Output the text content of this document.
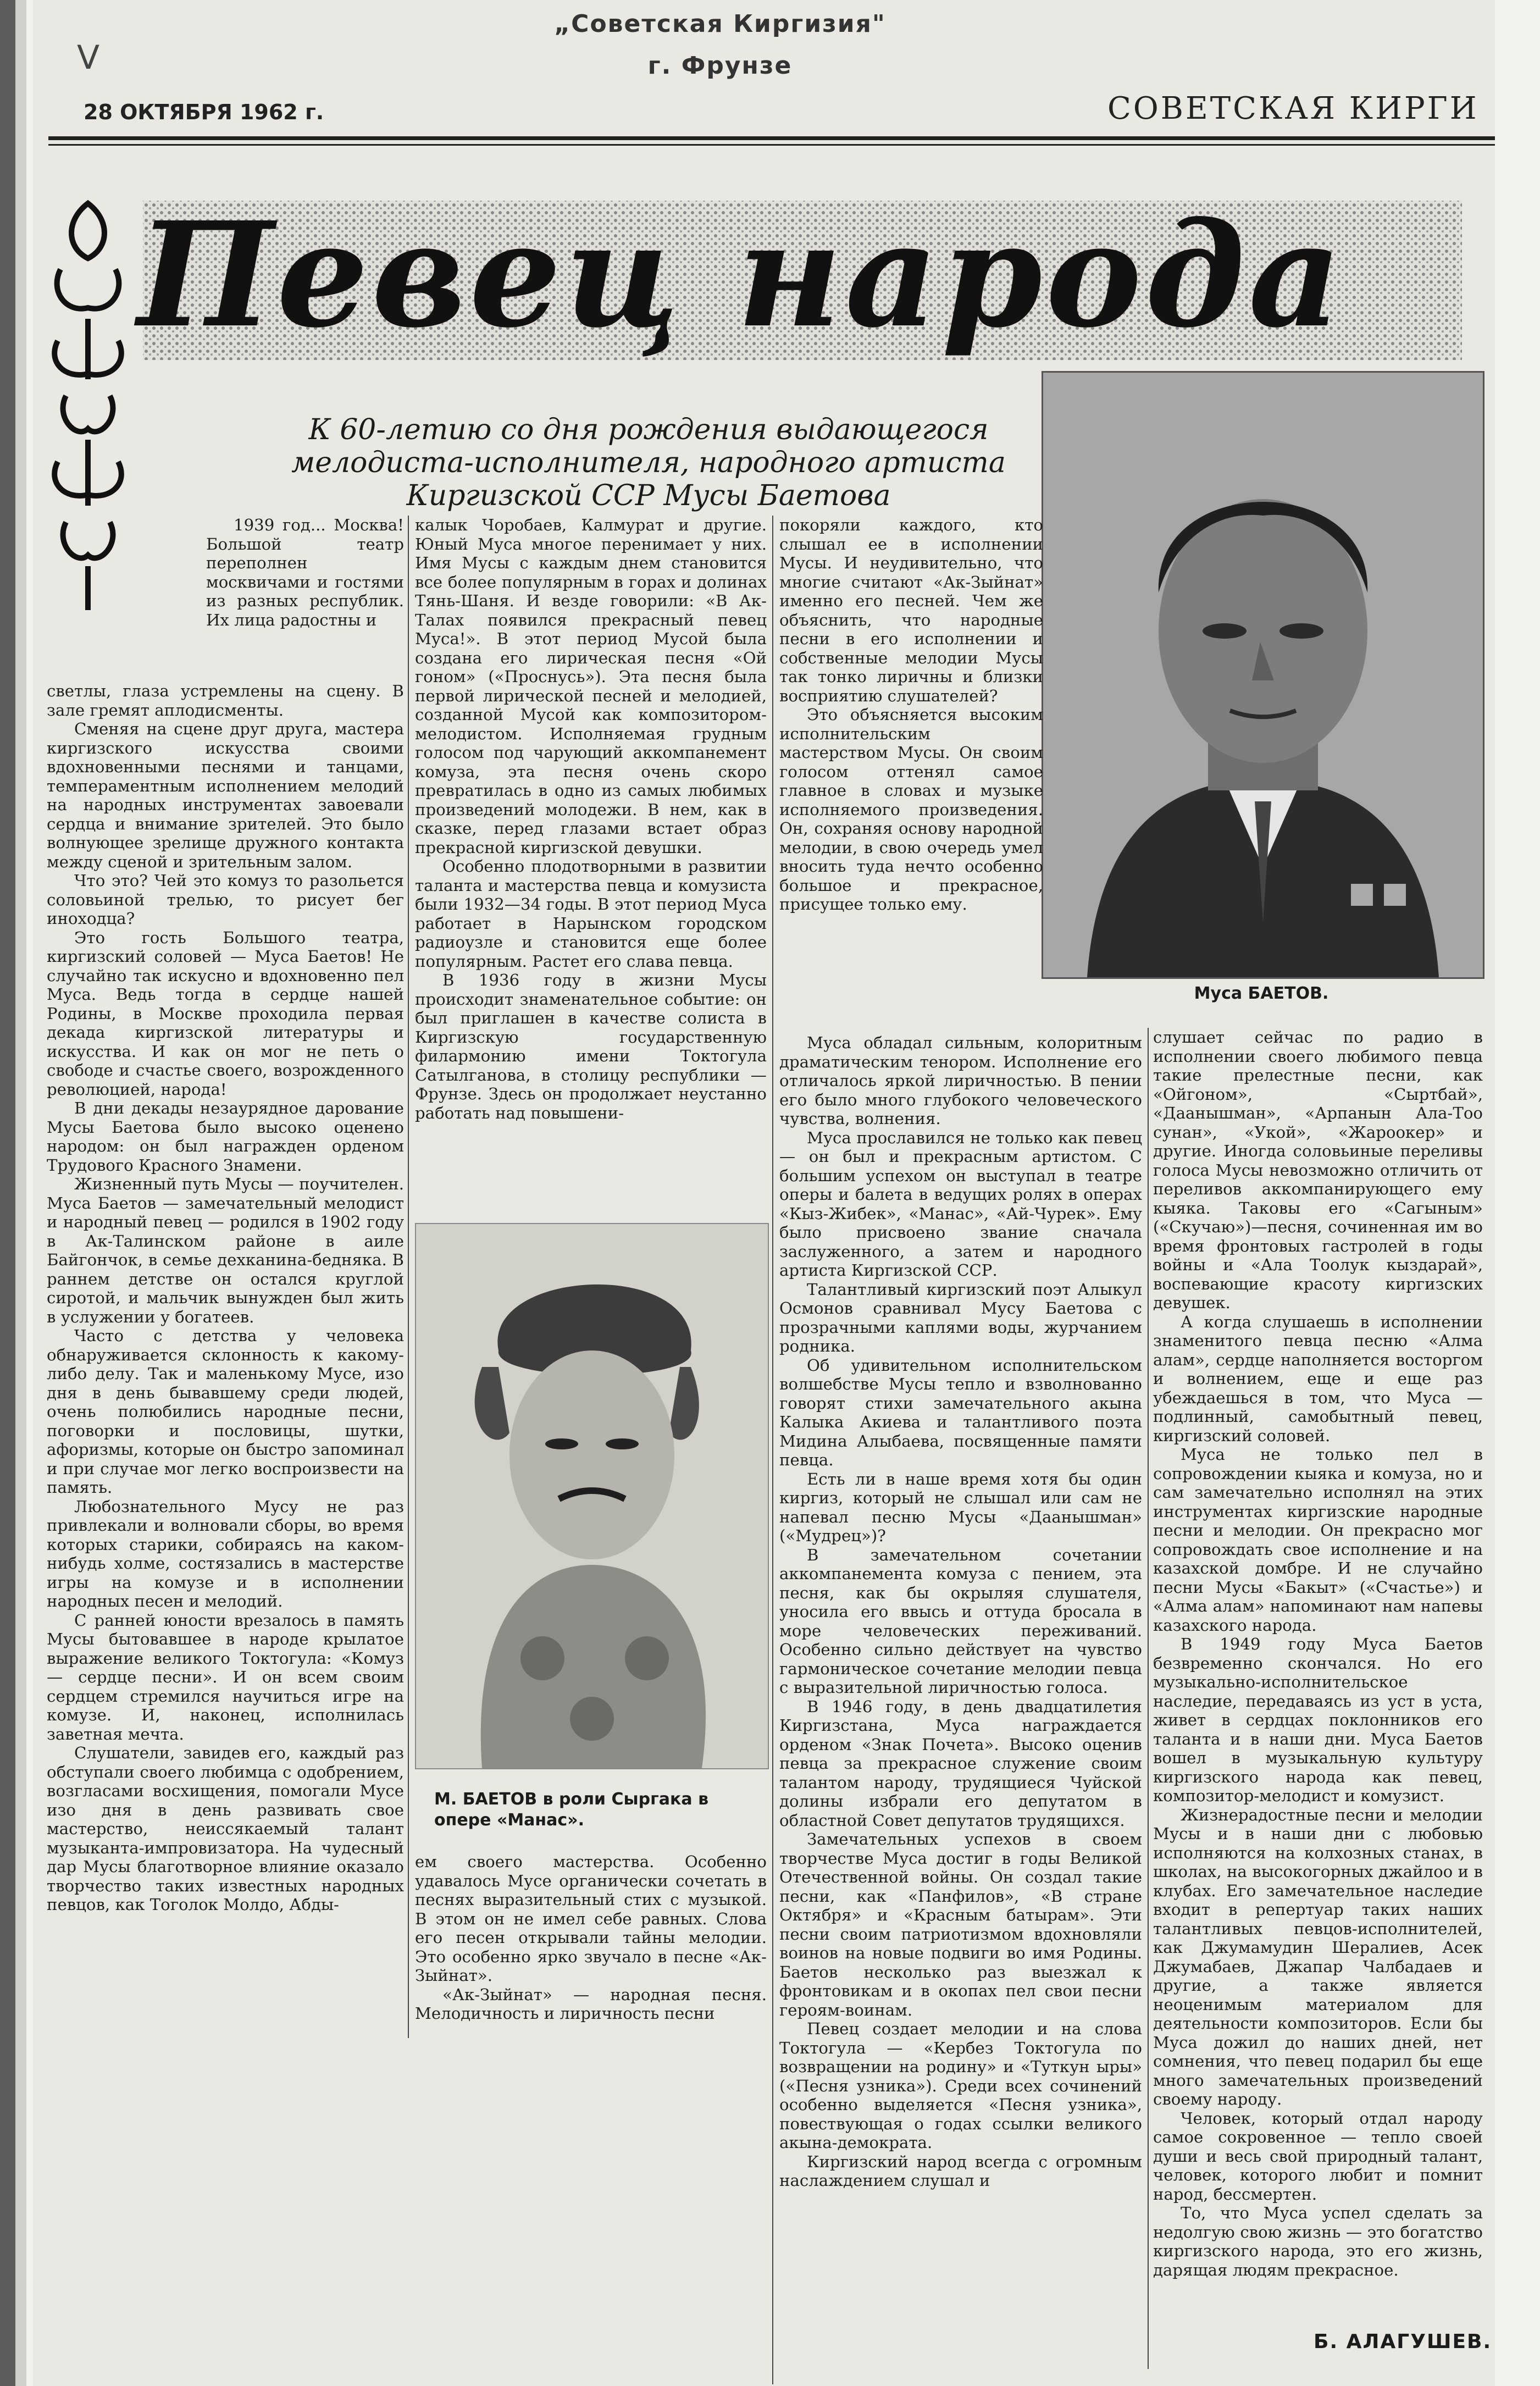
V
„Советская Киргизия"
г. Фрунзе
28 ОКТЯБРЯ 1962 г.	СОВЕТСКАЯ КИРГИ
Певец народа
К 60-летию со дня рождения выдающегося
мелодиста-исполнителя, народного артиста
Киргизской ССР Мусы Баетова
Муса БАЕТОВ.
М. БАЕТОВ в роли Сыргака в опере «Манас».

1939 год... Москва! Большой театр переполнен москвичами и гостями из разных республик. Их лица радостны и

светлы, глаза устремлены на сцену. В зале гремят аплодисменты.

Сменяя на сцене друг друга, мастера киргизского искусства своими вдохновенными песнями и танцами, темпераментным исполнением мелодий на народных инструментах завоевали сердца и внимание зрителей. Это было волнующее зрелище дружного контакта между сценой и зрительным залом.

Что это? Чей это комуз то разольется соловьиной трелью, то рисует бег иноходца?

Это гость Большого театра, киргизский соловей — Муса Баетов! Не случайно так искусно и вдохновенно пел Муса. Ведь тогда в сердце нашей Родины, в Москве проходила первая декада киргизской литературы и искусства. И как он мог не петь о свободе и счастье своего, возрожденного революцией, народа!

В дни декады незаурядное дарование Мусы Баетова было высоко оценено народом: он был награжден орденом Трудового Красного Знамени.

Жизненный путь Мусы — поучителен. Муса Баетов — замечательный мелодист и народный певец — родился в 1902 году в Ак-Талинском районе в аиле Байгончок, в семье дехканина-бедняка. В раннем детстве он остался круглой сиротой, и мальчик вынужден был жить в услужении у богатеев.

Часто с детства у человека обнаруживается склонность к какому-либо делу. Так и маленькому Мусе, изо дня в день бывавшему среди людей, очень полюбились народные песни, поговорки и пословицы, шутки, афоризмы, которые он быстро запоминал и при случае мог легко воспроизвести на память.

Любознательного Мусу не раз привлекали и волновали сборы, во время которых старики, собираясь на каком-нибудь холме, состязались в мастерстве игры на комузе и в исполнении народных песен и мелодий.

С ранней юности врезалось в память Мусы бытовавшее в народе крылатое выражение великого Токтогула: «Комуз — сердце песни». И он всем своим сердцем стремился научиться игре на комузе. И, наконец, исполнилась заветная мечта.

Слушатели, завидев его, каждый раз обступали своего любимца с одобрением, возгласами восхищения, помогали Мусе изо дня в день развивать свое мастерство, неиссякаемый талант музыканта-импровизатора. На чудесный дар Мусы благотворное влияние оказало творчество таких известных народных певцов, как Тоголок Молдо, Абды-

калык Чоробаев, Калмурат и другие. Юный Муса многое перенимает у них. Имя Мусы с каждым днем становится все более популярным в горах и долинах Тянь-Шаня. И везде говорили: «В Ак-Талах появился прекрасный певец Муса!». В этот период Мусой была создана его лирическая песня «Ой гоном» («Проснусь»). Эта песня была первой лирической песней и мелодией, созданной Мусой как композитором-мелодистом. Исполняемая грудным голосом под чарующий аккомпанемент комуза, эта песня очень скоро превратилась в одно из самых любимых произведений молодежи. В нем, как в сказке, перед глазами встает образ прекрасной киргизской девушки.

Особенно плодотворными в развитии таланта и мастерства певца и комузиста были 1932—34 годы. В этот период Муса работает в Нарынском городском радиоузле и становится еще более популярным. Растет его слава певца.

В 1936 году в жизни Мусы происходит знаменательное событие: он был приглашен в качестве солиста в Киргизскую государственную филармонию имени Токтогула Сатылганова, в столицу республики — Фрунзе. Здесь он продолжает неустанно работать над повышени-

ем своего мастерства. Особенно удавалось Мусе органически сочетать в песнях выразительный стих с музыкой. В этом он не имел себе равных. Слова его песен открывали тайны мелодии. Это особенно ярко звучало в песне «Ак-Зыйнат».

«Ак-Зыйнат» — народная песня. Мелодичность и лиричность песни

покоряли каждого, кто слышал ее в исполнении Мусы. И неудивительно, что многие считают «Ак-Зыйнат» именно его песней. Чем же объяснить, что народные песни в его исполнении и собственные мелодии Мусы так тонко лиричны и близки восприятию слушателей?

Это объясняется высоким исполнительским мастерством Мусы. Он своим голосом оттенял самое главное в словах и музыке исполняемого произведения. Он, сохраняя основу народной мелодии, в свою очередь умел вносить туда нечто особенно большое и прекрасное, присущее только ему.

Муса обладал сильным, колоритным драматическим тенором. Исполнение его отличалось яркой лиричностью. В пении его было много глубокого человеческого чувства, волнения.

Муса прославился не только как певец — он был и прекрасным артистом. С большим успехом он выступал в театре оперы и балета в ведущих ролях в операх «Кыз-Жибек», «Манас», «Ай-Чурек». Ему было присвоено звание сначала заслуженного, а затем и народного артиста Киргизской ССР.

Талантливый киргизский поэт Алыкул Осмонов сравнивал Мусу Баетова с прозрачными каплями воды, журчанием родника.

Об удивительном исполнительском волшебстве Мусы тепло и взволнованно говорят стихи замечательного акына Калыка Акиева и талантливого поэта Мидина Алыбаева, посвященные памяти певца.

Есть ли в наше время хотя бы один киргиз, который не слышал или сам не напевал песню Мусы «Даанышман» («Мудрец»)?

В замечательном сочетании аккомпанемента комуза с пением, эта песня, как бы окрыляя слушателя, уносила его ввысь и оттуда бросала в море человеческих переживаний. Особенно сильно действует на чувство гармоническое сочетание мелодии певца с выразительной лиричностью голоса.

В 1946 году, в день двадцатилетия Киргизстана, Муса награждается орденом «Знак Почета». Высоко оценив певца за прекрасное служение своим талантом народу, трудящиеся Чуйской долины избрали его депутатом в областной Совет депутатов трудящихся.

Замечательных успехов в своем творчестве Муса достиг в годы Великой Отечественной войны. Он создал такие песни, как «Панфилов», «В стране Октября» и «Красным батырам». Эти песни своим патриотизмом вдохновляли воинов на новые подвиги во имя Родины. Баетов несколько раз выезжал к фронтовикам и в окопах пел свои песни героям-воинам.

Певец создает мелодии и на слова Токтогула — «Кербез Токтогула по возвращении на родину» и «Туткун ыры» («Песня узника»). Среди всех сочинений особенно выделяется «Песня узника», повествующая о годах ссылки великого акына-демократа.

Киргизский народ всегда с огромным наслаждением слушал и

слушает сейчас по радио в исполнении своего любимого певца такие прелестные песни, как «Ойгоном», «Сыртбай», «Даанышман», «Арпанын Ала-Тоо сунан», «Укой», «Жароокер» и другие. Иногда соловьиные переливы голоса Мусы невозможно отличить от переливов аккомпанирующего ему кыяка. Таковы его «Сагыным» («Скучаю»)—песня, сочиненная им во время фронтовых гастролей в годы войны и «Ала Тоолук кыздарай», воспевающие красоту киргизских девушек.

А когда слушаешь в исполнении знаменитого певца песню «Алма алам», сердце наполняется восторгом и волнением, еще и еще раз убеждаешься в том, что Муса — подлинный, самобытный певец, киргизский соловей.

Муса не только пел в сопровождении кыяка и комуза, но и сам замечательно исполнял на этих инструментах киргизские народные песни и мелодии. Он прекрасно мог сопровождать свое исполнение и на казахской домбре. И не случайно песни Мусы «Бакыт» («Счастье») и «Алма алам» напоминают нам напевы казахского народа.

В 1949 году Муса Баетов безвременно скончался. Но его музыкально-исполнительское наследие, передаваясь из уст в уста, живет в сердцах поклонников его таланта и в наши дни. Муса Баетов вошел в музыкальную культуру киргизского народа как певец, композитор-мелодист и комузист.

Жизнерадостные песни и мелодии Мусы и в наши дни с любовью исполняются на колхозных станах, в школах, на высокогорных джайлоо и в клубах. Его замечательное наследие входит в репертуар таких наших талантливых певцов-исполнителей, как Джумамудин Шералиев, Асек Джумабаев, Джапар Чалбадаев и другие, а также является неоценимым материалом для деятельности композиторов. Если бы Муса дожил до наших дней, нет сомнения, что певец подарил бы еще много замечательных произведений своему народу.

Человек, который отдал народу самое сокровенное — тепло своей души и весь свой природный талант, человек, которого любит и помнит народ, бессмертен.

То, что Муса успел сделать за недолгую свою жизнь — это богатство киргизского народа, это его жизнь, дарящая людям прекрасное.

Б. АЛАГУШЕВ.
